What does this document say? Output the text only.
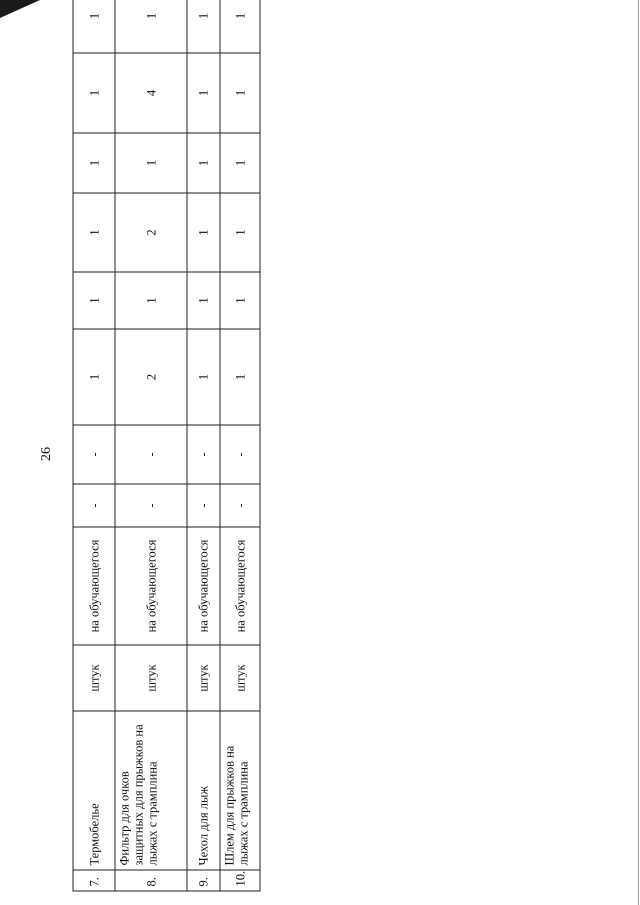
26
7.	Термобелье	штук	на обучающегося	-	-	1	1	1	1	1	1
8.	Фильтр для очков защитных для прыжков на лыжах с трамплина	штук	на обучающегося	-	-	2	1	2	1	4	1
9.	Чехол для лыж	штук	на обучающегося	-	-	1	1	1	1	1	1
10.	Шлем для прыжков на лыжах с трамплина	штук	на обучающегося	-	-	1	1	1	1	1	1
